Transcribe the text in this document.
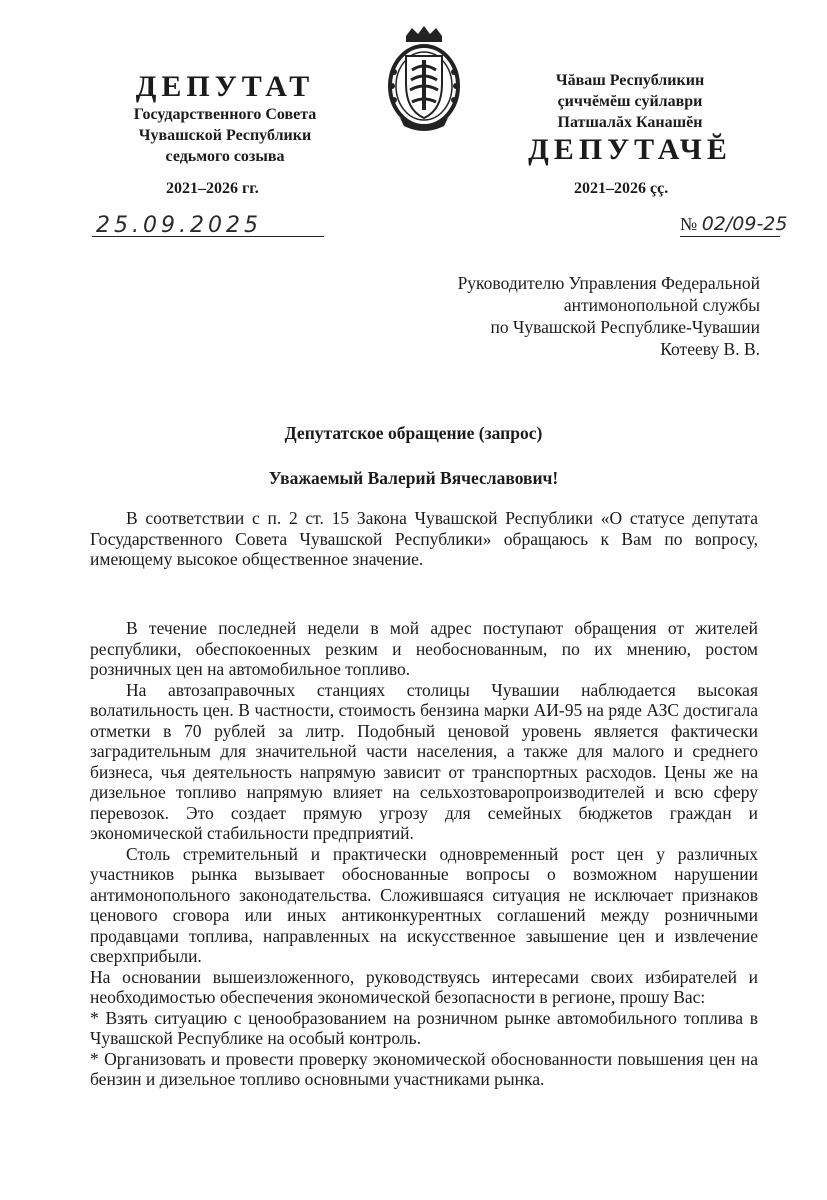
ДЕПУТАТ
Государственного Совета
Чувашской Республики
седьмого созыва
2021–2026 гг.
Чăваш Республикин
çиччĕмĕш суйлаври
Патшалăх Канашĕн
ДЕПУТАЧĔ
2021–2026 çç.
25.09.2025	№ 02/09-25
Руководителю Управления Федеральной
антимонопольной службы
по Чувашской Республике-Чувашии
Котееву В. В.
Депутатское обращение (запрос)
Уважаемый Валерий Вячеславович!

В соответствии с п. 2 ст. 15 Закона Чувашской Республики «О статусе депутата Государственного Совета Чувашской Республики» обращаюсь к Вам по вопросу, имеющему высокое общественное значение.

В течение последней недели в мой адрес поступают обращения от жителей республики, обеспокоенных резким и необоснованным, по их мнению, ростом розничных цен на автомобильное топливо.

На автозаправочных станциях столицы Чувашии наблюдается высокая волатильность цен. В частности, стоимость бензина марки АИ-95 на ряде АЗС достигала отметки в 70 рублей за литр. Подобный ценовой уровень является фактически заградительным для значительной части населения, а также для малого и среднего бизнеса, чья деятельность напрямую зависит от транспортных расходов. Цены же на дизельное топливо напрямую влияет на сельхозтоваропроизводителей и всю сферу перевозок. Это создает прямую угрозу для семейных бюджетов граждан и экономической стабильности предприятий.

Столь стремительный и практически одновременный рост цен у различных участников рынка вызывает обоснованные вопросы о возможном нарушении антимонопольного законодательства. Сложившаяся ситуация не исключает признаков ценового сговора или иных антиконкурентных соглашений между розничными продавцами топлива, направленных на искусственное завышение цен и извлечение сверхприбыли.

На основании вышеизложенного, руководствуясь интересами своих избирателей и необходимостью обеспечения экономической безопасности в регионе, прошу Вас:

* Взять ситуацию с ценообразованием на розничном рынке автомобильного топлива в Чувашской Республике на особый контроль.

* Организовать и провести проверку экономической обоснованности повышения цен на бензин и дизельное топливо основными участниками рынка.
